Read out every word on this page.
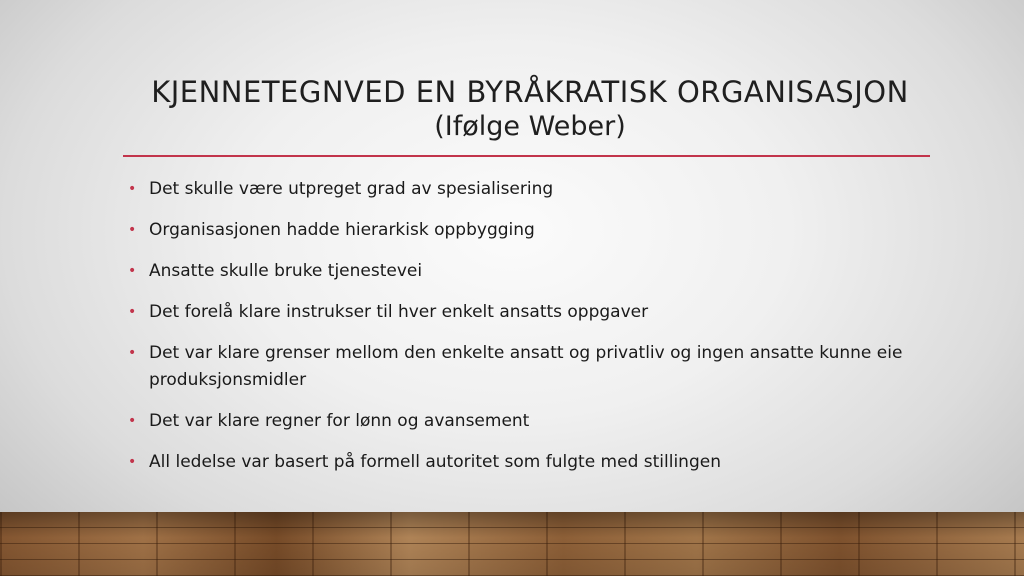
KJENNETEGNVED EN BYRÅKRATISK ORGANISASJON
(Ifølge Weber)
• Det skulle være utpreget grad av spesialisering
• Organisasjonen hadde hierarkisk oppbygging
• Ansatte skulle bruke tjenestevei
• Det forelå klare instrukser til hver enkelt ansatts oppgaver
• Det var klare grenser mellom den enkelte ansatt og privatliv og ingen ansatte kunne eie produksjonsmidler
• Det var klare regner for lønn og avansement
• All ledelse var basert på formell autoritet som fulgte med stillingen
